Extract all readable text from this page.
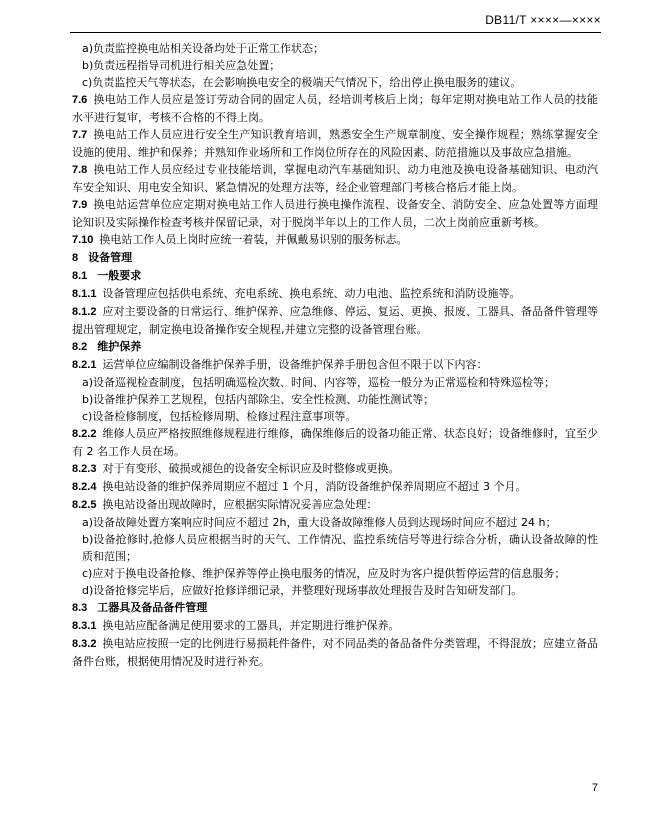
DB11/T ××××—××××

a)负责监控换电站相关设备均处于正常工作状态；

b)负责远程指导司机进行相关应急处置；

c)负责监控天气等状态，在会影响换电安全的极端天气情况下，给出停止换电服务的建议。

7.6 换电站工作人员应是签订劳动合同的固定人员，经培训考核后上岗；每年定期对换电站工作人员的技能水平进行复审，考核不合格的不得上岗。

7.7 换电站工作人员应进行安全生产知识教育培训，熟悉安全生产规章制度、安全操作规程；熟练掌握安全设施的使用、维护和保养；并熟知作业场所和工作岗位所存在的风险因素、防范措施以及事故应急措施。

7.8 换电站工作人员应经过专业技能培训，掌握电动汽车基础知识、动力电池及换电设备基础知识、电动汽车安全知识、用电安全知识、紧急情况的处理方法等，经企业管理部门考核合格后才能上岗。

7.9 换电站运营单位应定期对换电站工作人员进行换电操作流程、设备安全、消防安全、应急处置等方面理论知识及实际操作检查考核并保留记录，对于脱岗半年以上的工作人员，二次上岗前应重新考核。

7.10 换电站工作人员上岗时应统一着装，并佩戴易识别的服务标志。

8 设备管理

8.1 一般要求

8.1.1 设备管理应包括供电系统、充电系统、换电系统、动力电池、监控系统和消防设施等。

8.1.2 应对主要设备的日常运行、维护保养、应急维修、停运、复运、更换、报废、工器具、备品备件管理等提出管理规定，制定换电设备操作安全规程,并建立完整的设备管理台账。

8.2 维护保养

8.2.1 运营单位应编制设备维护保养手册，设备维护保养手册包含但不限于以下内容：

a)设备巡视检查制度，包括明确巡检次数、时间、内容等，巡检一般分为正常巡检和特殊巡检等；

b)设备维护保养工艺规程，包括内部除尘、安全性检测、功能性测试等；

c)设备检修制度，包括检修周期、检修过程注意事项等。

8.2.2 维修人员应严格按照维修规程进行维修，确保维修后的设备功能正常、状态良好；设备维修时，宜至少有 2 名工作人员在场。

8.2.3 对于有变形、破损或褪色的设备安全标识应及时整修或更换。

8.2.4 换电站设备的维护保养周期应不超过 1 个月，消防设备维护保养周期应不超过 3 个月。

8.2.5 换电站设备出现故障时，应根据实际情况妥善应急处理：

a)设备故障处置方案响应时间应不超过 2h，重大设备故障维修人员到达现场时间应不超过 24 h；

b)设备抢修时,抢修人员应根据当时的天气、工作情况、监控系统信号等进行综合分析，确认设备故障的性质和范围；

c)应对于换电设备抢修、维护保养等停止换电服务的情况，应及时为客户提供暂停运营的信息服务；

d)设备抢修完毕后，应做好抢修详细记录，并整理好现场事故处理报告及时告知研发部门。

8.3 工器具及备品备件管理

8.3.1 换电站应配备满足使用要求的工器具，并定期进行维护保养。

8.3.2 换电站应按照一定的比例进行易损耗件备件，对不同品类的备品备件分类管理，不得混放；应建立备品备件台账，根据使用情况及时进行补充。

7
